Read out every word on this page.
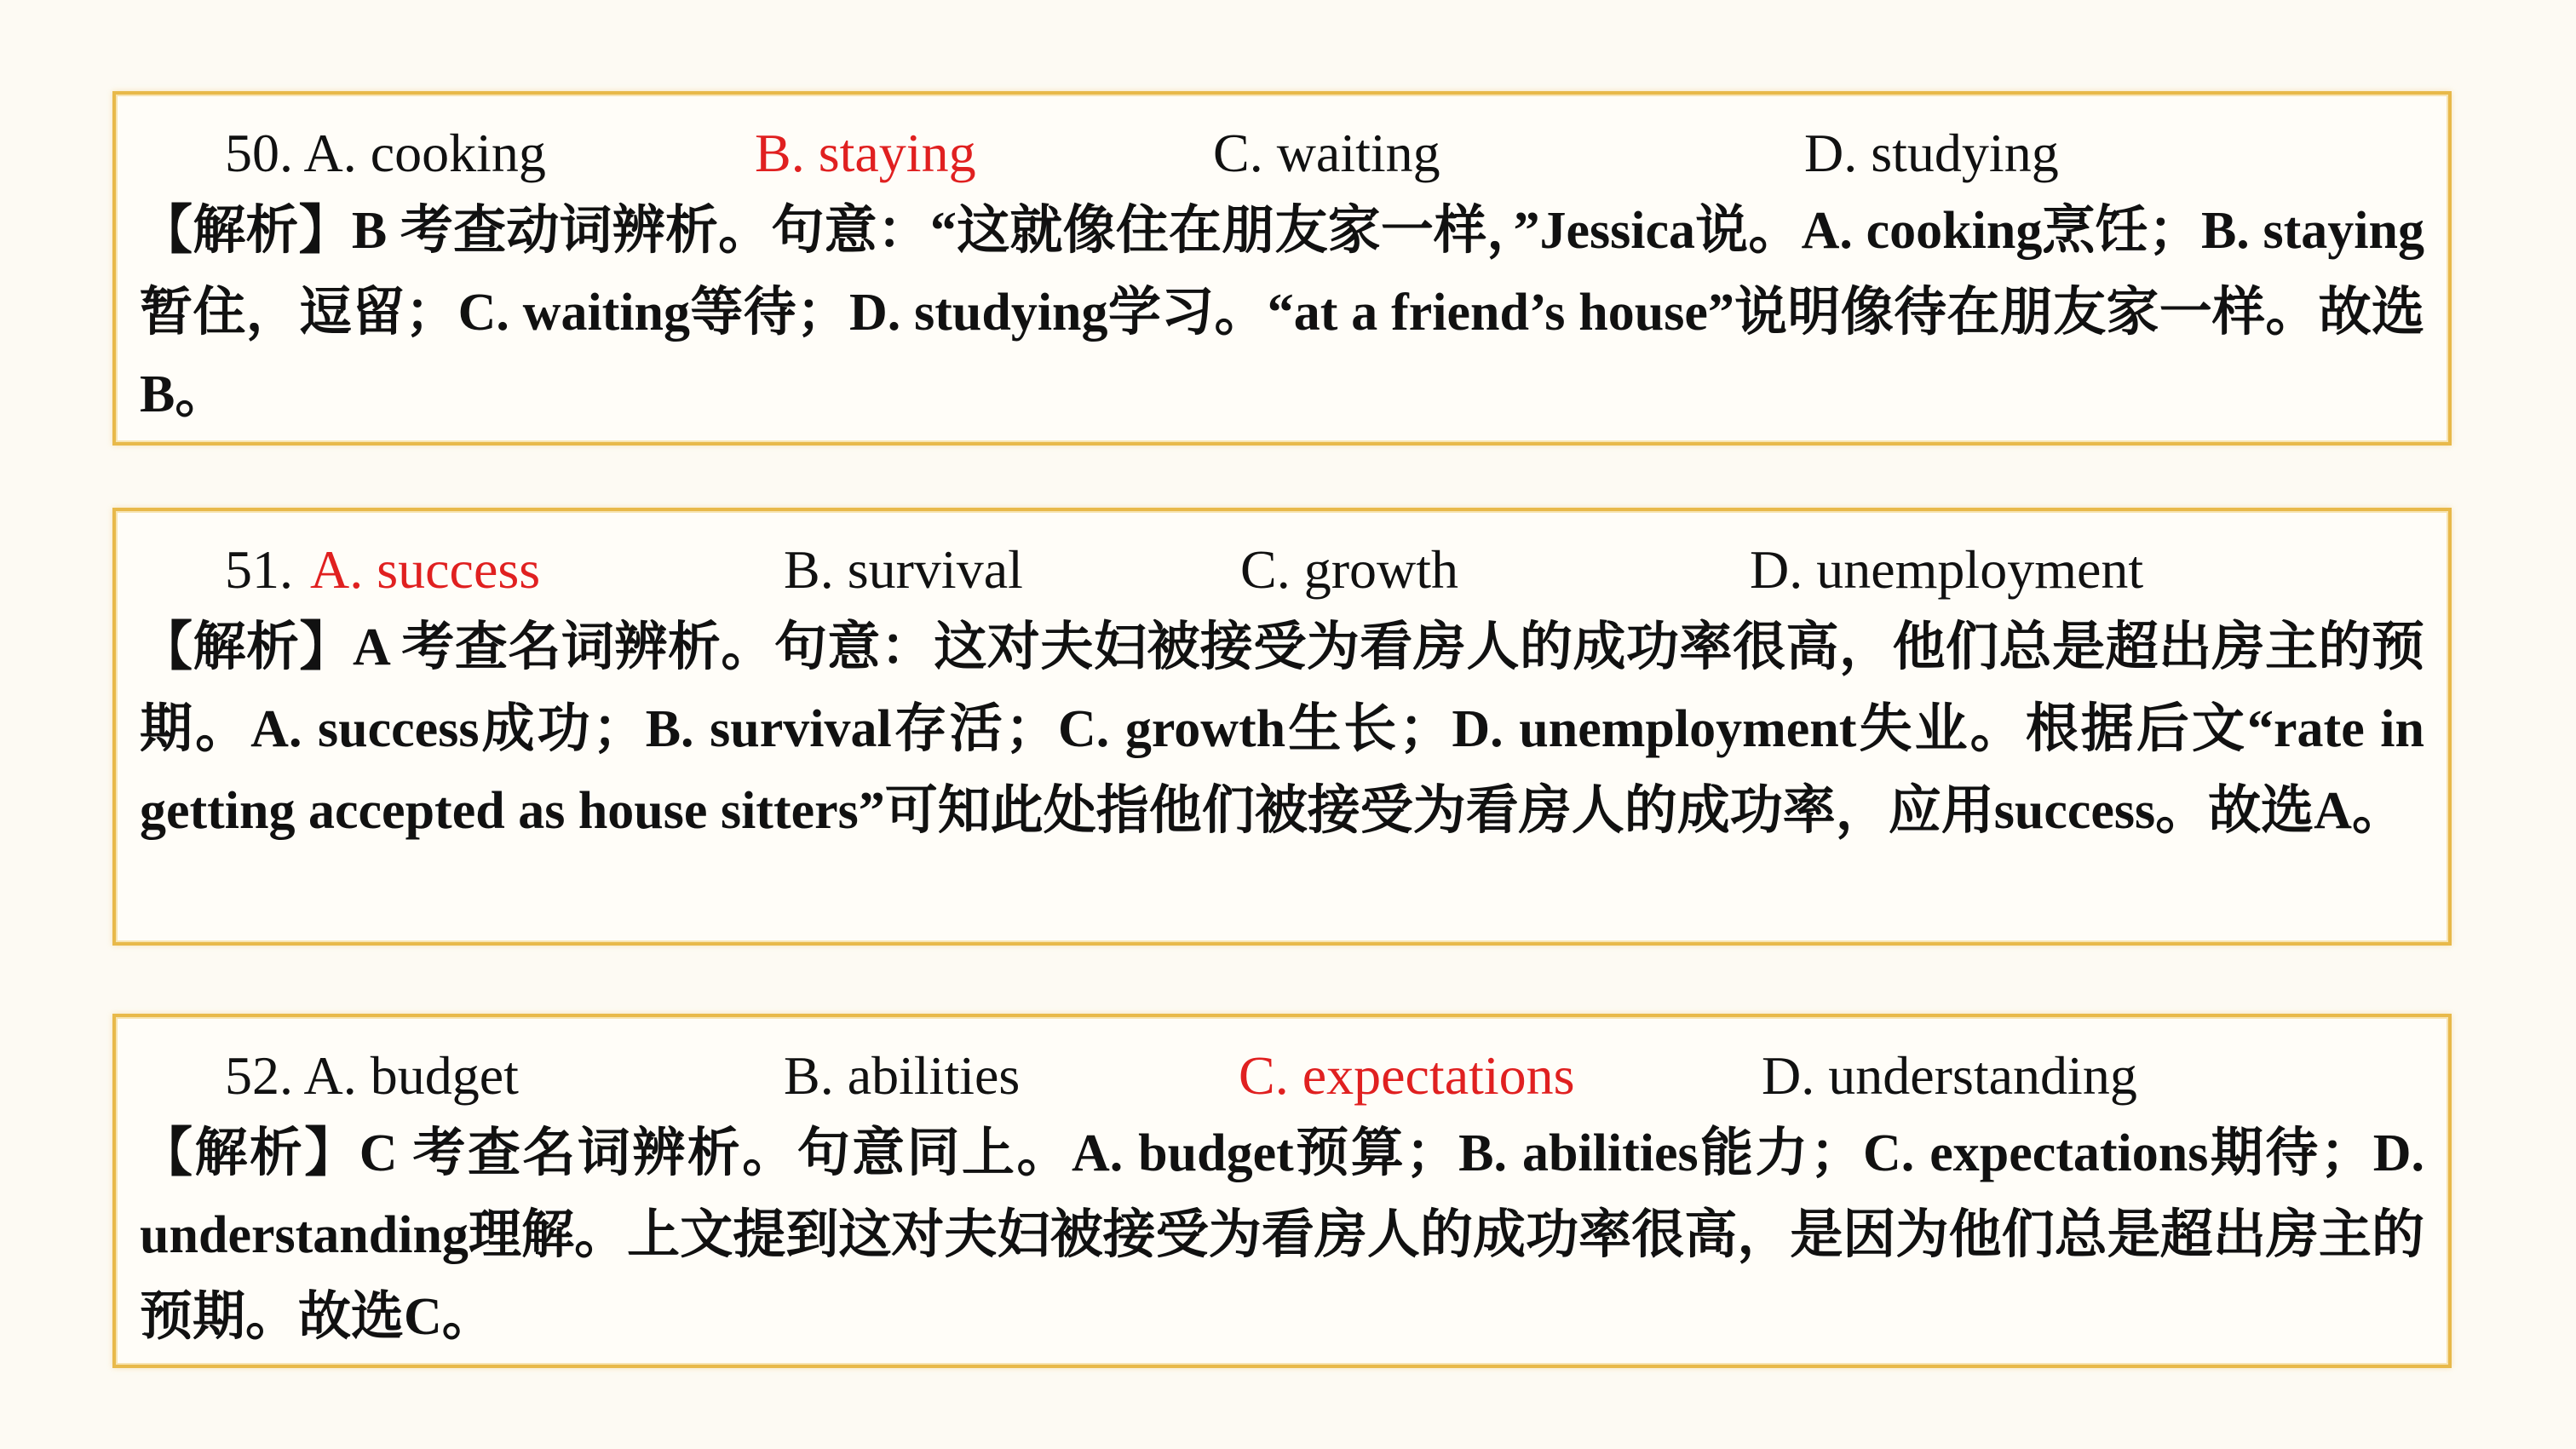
50. A. cooking	B. staying	C. waiting	D. studying

【解析】B 考查动词辨析。句意：“这就像住在朋友家一样，”Jessica说。A. cooking烹饪；B. staying暂住，逗留；C. waiting等待；D. studying学习。“at a friend’s house”说明像待在朋友家一样。故选B。

51. A. success	B. survival	C. growth	D. unemployment

【解析】A 考查名词辨析。句意：这对夫妇被接受为看房人的成功率很高，他们总是超出房主的预期。A. success成功；B. survival存活；C. growth生长；D. unemployment失业。根据后文“rate in getting accepted as house sitters”可知此处指他们被接受为看房人的成功率，应用success。故选A。

52. A. budget	B. abilities	C. expectations	D. understanding

【解析】C 考查名词辨析。句意同上。A. budget预算；B. abilities能力；C. expectations期待；D. understanding理解。上文提到这对夫妇被接受为看房人的成功率很高，是因为他们总是超出房主的预期。故选C。
